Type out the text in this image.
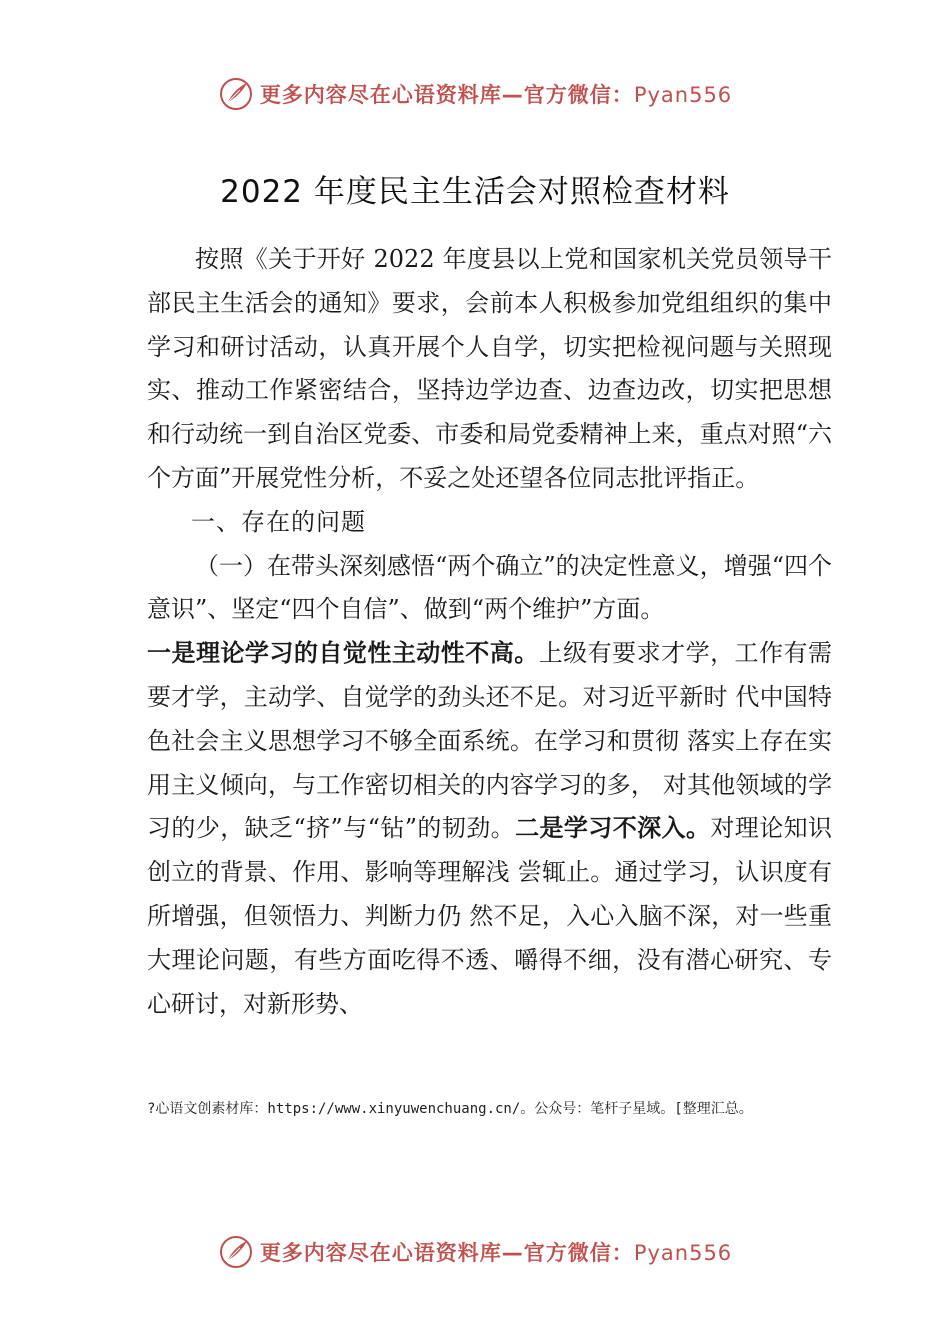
更多内容尽在心语资料库—官方微信：Pyan556
2022 年度民主生活会对照检查材料

按照《关于开好 2022 年度县以上党和国家机关党员领导干部民主生活会的通知》要求，会前本人积极参加党组组织的集中学习和研讨活动，认真开展个人自学，切实把检视问题与关照现实、推动工作紧密结合，坚持边学边查、边查边改，切实把思想和行动统一到自治区党委、市委和局党委精神上来，重点对照“六个方面”开展党性分析，不妥之处还望各位同志批评指正。

一、存在的问题

（一）在带头深刻感悟“两个确立”的决定性意义，增强“四个意识”、坚定“四个自信”、做到“两个维护”方面。

一是理论学习的自觉性主动性不高。上级有要求才学，工作有需要才学，主动学、自觉学的劲头还不足。对习近平新时 代中国特色社会主义思想学习不够全面系统。在学习和贯彻 落实上存在实用主义倾向，与工作密切相关的内容学习的多， 对其他领域的学习的少，缺乏“挤”与“钻”的韧劲。二是学习不深入。对理论知识创立的背景、作用、影响等理解浅 尝辄止。通过学习，认识度有所增强，但领悟力、判断力仍 然不足，入心入脑不深，对一些重大理论问题，有些方面吃得不透、嚼得不细，没有潜心研究、专心研讨，对新形势、

?心语文创素材库：https://www.xinyuwenchuang.cn/。公众号：笔杆子星域。[整理汇总。
更多内容尽在心语资料库—官方微信：Pyan556
